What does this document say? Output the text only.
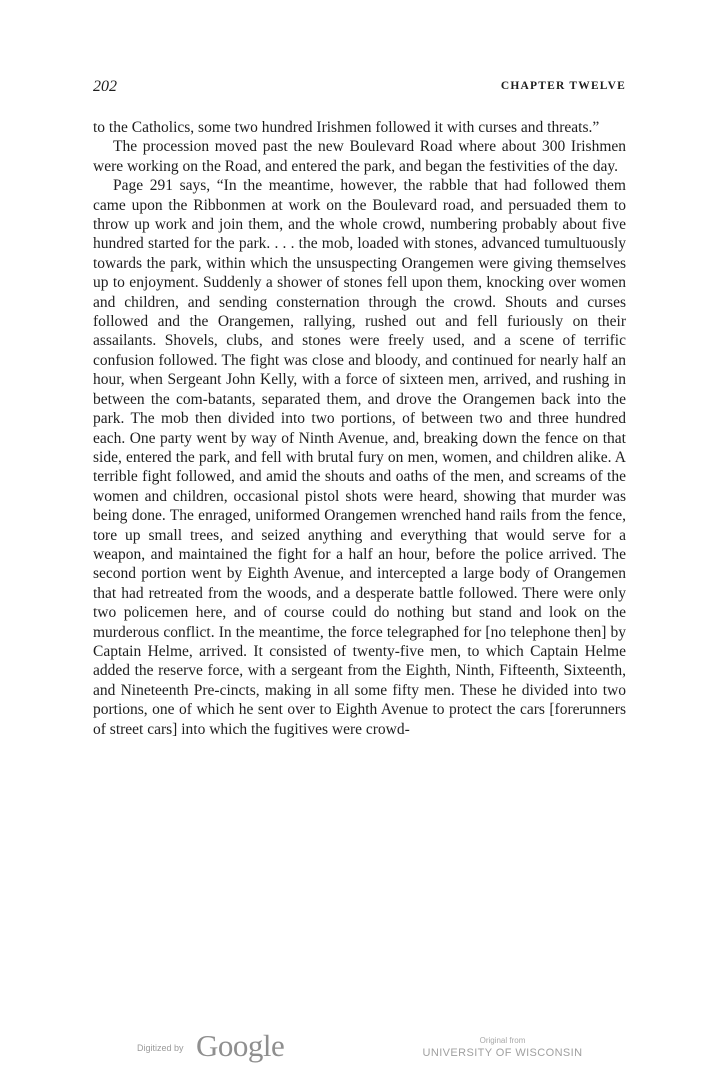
202	CHAPTER TWELVE

to the Catholics, some two hundred Irishmen followed it with curses and threats.”

The procession moved past the new Boulevard Road where about 300 Irishmen were working on the Road, and entered the park, and began the festivities of the day.

Page 291 says, “In the meantime, however, the rabble that had followed them came upon the Ribbonmen at work on the Boulevard road, and persuaded them to throw up work and join them, and the whole crowd, numbering probably about five hundred started for the park. . . . the mob, loaded with stones, advanced tumultuously towards the park, within which the unsuspecting Orangemen were giving themselves up to enjoyment. Suddenly a shower of stones fell upon them, knocking over women and children, and sending consternation through the crowd. Shouts and curses followed and the Orangemen, rallying, rushed out and fell furiously on their assailants. Shovels, clubs, and stones were freely used, and a scene of terrific confusion followed. The fight was close and bloody, and continued for nearly half an hour, when Sergeant John Kelly, with a force of sixteen men, arrived, and rushing in between the com-batants, separated them, and drove the Orangemen back into the park. The mob then divided into two portions, of between two and three hundred each. One party went by way of Ninth Avenue, and, breaking down the fence on that side, entered the park, and fell with brutal fury on men, women, and children alike. A terrible fight followed, and amid the shouts and oaths of the men, and screams of the women and children, occasional pistol shots were heard, showing that murder was being done. The enraged, uniformed Orangemen wrenched hand rails from the fence, tore up small trees, and seized anything and everything that would serve for a weapon, and maintained the fight for a half an hour, before the police arrived. The second portion went by Eighth Avenue, and intercepted a large body of Orangemen that had retreated from the woods, and a desperate battle followed. There were only two policemen here, and of course could do nothing but stand and look on the murderous conflict. In the meantime, the force telegraphed for [no telephone then] by Captain Helme, arrived. It consisted of twenty-five men, to which Captain Helme added the reserve force, with a sergeant from the Eighth, Ninth, Fifteenth, Sixteenth, and Nineteenth Pre-cincts, making in all some fifty men. These he divided into two portions, one of which he sent over to Eighth Avenue to protect the cars [forerunners of street cars] into which the fugitives were crowd-

Digitized by Google	Original from
UNIVERSITY OF WISCONSIN
